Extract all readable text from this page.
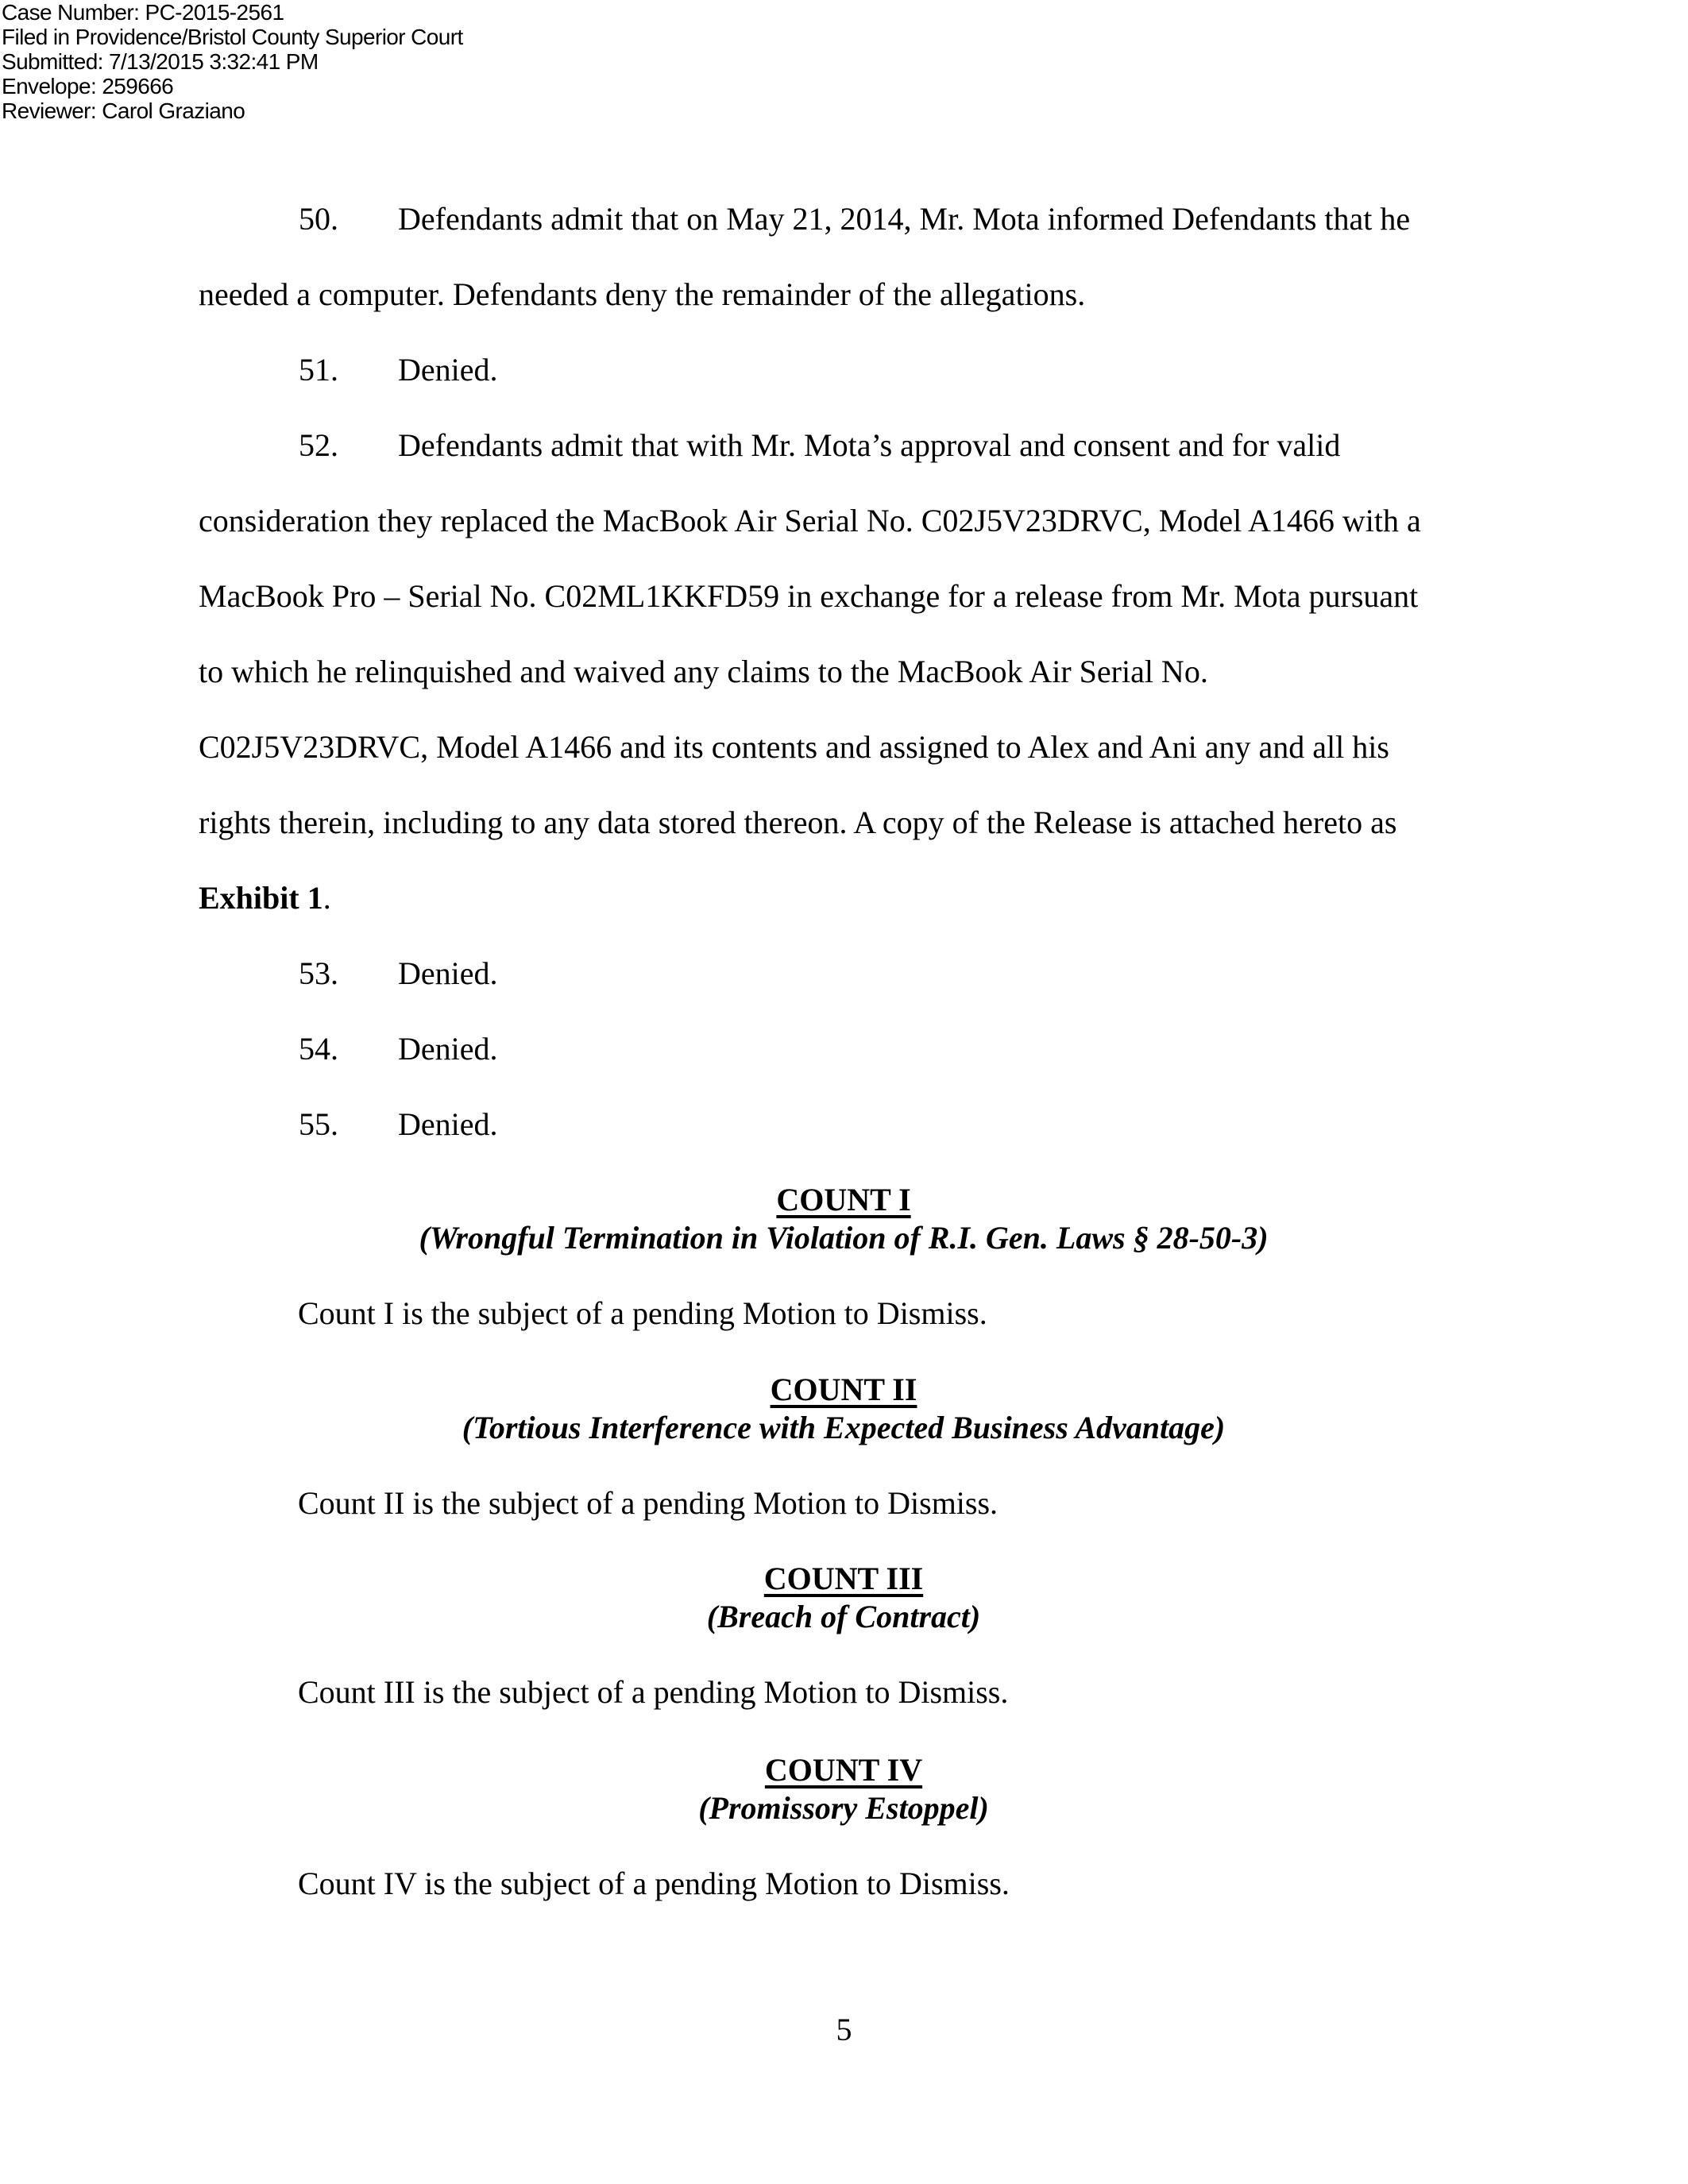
Case Number: PC-2015-2561
Filed in Providence/Bristol County Superior Court
Submitted: 7/13/2015 3:32:41 PM
Envelope: 259666
Reviewer: Carol Graziano
50. Defendants admit that on May 21, 2014, Mr. Mota informed Defendants that he
needed a computer. Defendants deny the remainder of the allegations.
51. Denied.
52. Defendants admit that with Mr. Mota’s approval and consent and for valid
consideration they replaced the MacBook Air Serial No. C02J5V23DRVC, Model A1466 with a
MacBook Pro – Serial No. C02ML1KKFD59 in exchange for a release from Mr. Mota pursuant
to which he relinquished and waived any claims to the MacBook Air Serial No.
C02J5V23DRVC, Model A1466 and its contents and assigned to Alex and Ani any and all his
rights therein, including to any data stored thereon. A copy of the Release is attached hereto as
Exhibit 1.
53. Denied.
54. Denied.
55. Denied.
COUNT I
(Wrongful Termination in Violation of R.I. Gen. Laws § 28-50-3)
Count I is the subject of a pending Motion to Dismiss.
COUNT II
(Tortious Interference with Expected Business Advantage)
Count II is the subject of a pending Motion to Dismiss.
COUNT III
(Breach of Contract)
Count III is the subject of a pending Motion to Dismiss.
COUNT IV
(Promissory Estoppel)
Count IV is the subject of a pending Motion to Dismiss.
5
